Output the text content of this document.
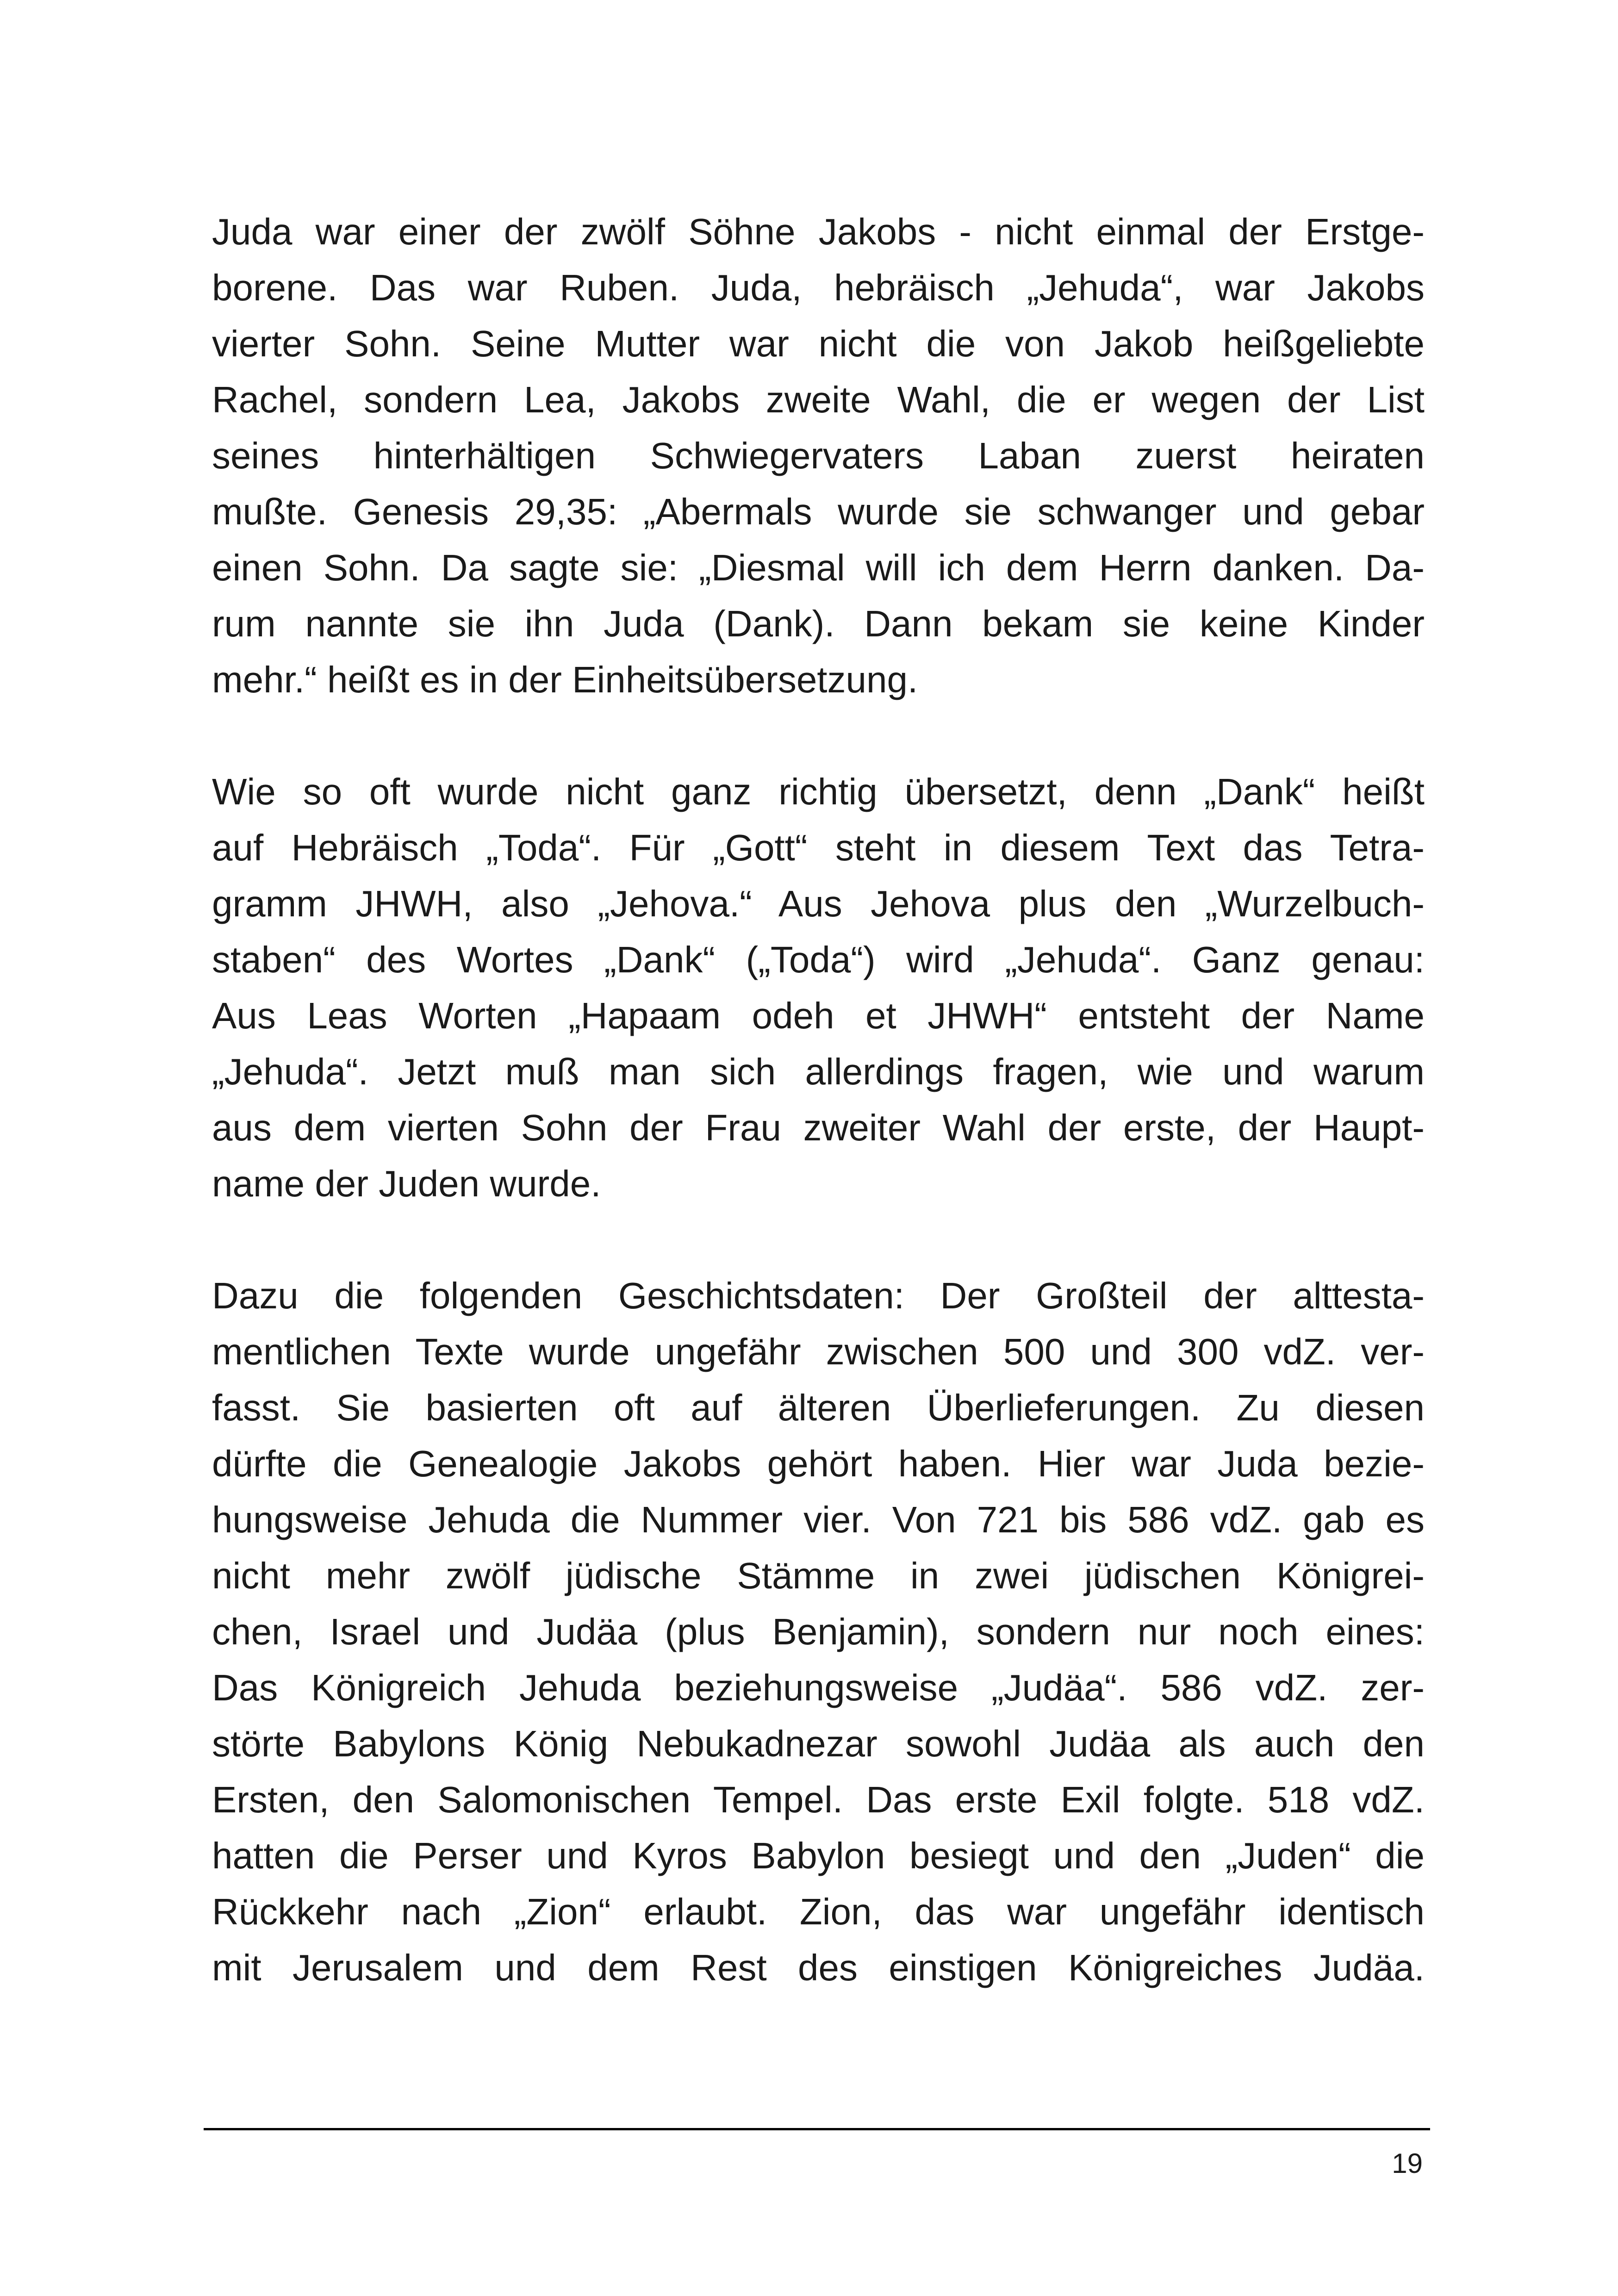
Juda war einer der zwölf Söhne Jakobs - nicht einmal der Erstge-
borene. Das war Ruben. Juda, hebräisch „Jehuda“, war Jakobs
vierter Sohn. Seine Mutter war nicht die von Jakob heißgeliebte
Rachel, sondern Lea, Jakobs zweite Wahl, die er wegen der List
seines hinterhältigen Schwiegervaters Laban zuerst heiraten
mußte. Genesis 29,35: „Abermals wurde sie schwanger und gebar
einen Sohn. Da sagte sie: „Diesmal will ich dem Herrn danken. Da-
rum nannte sie ihn Juda (Dank). Dann bekam sie keine Kinder
mehr.“ heißt es in der Einheitsübersetzung.

Wie so oft wurde nicht ganz richtig übersetzt, denn „Dank“ heißt
auf Hebräisch „Toda“. Für „Gott“ steht in diesem Text das Tetra-
gramm JHWH, also „Jehova.“ Aus Jehova plus den „Wurzelbuch-
staben“ des Wortes „Dank“ („Toda“) wird „Jehuda“. Ganz genau:
Aus Leas Worten „Hapaam odeh et JHWH“ entsteht der Name
„Jehuda“. Jetzt muß man sich allerdings fragen, wie und warum
aus dem vierten Sohn der Frau zweiter Wahl der erste, der Haupt-
name der Juden wurde.

Dazu die folgenden Geschichtsdaten: Der Großteil der alttesta-
mentlichen Texte wurde ungefähr zwischen 500 und 300 vdZ. ver-
fasst. Sie basierten oft auf älteren Überlieferungen. Zu diesen
dürfte die Genealogie Jakobs gehört haben. Hier war Juda bezie-
hungsweise Jehuda die Nummer vier. Von 721 bis 586 vdZ. gab es
nicht mehr zwölf jüdische Stämme in zwei jüdischen Königrei-
chen, Israel und Judäa (plus Benjamin), sondern nur noch eines:
Das Königreich Jehuda beziehungsweise „Judäa“. 586 vdZ. zer-
störte Babylons König Nebukadnezar sowohl Judäa als auch den
Ersten, den Salomonischen Tempel. Das erste Exil folgte. 518 vdZ.
hatten die Perser und Kyros Babylon besiegt und den „Juden“ die
Rückkehr nach „Zion“ erlaubt. Zion, das war ungefähr identisch
mit Jerusalem und dem Rest des einstigen Königreiches Judäa.

19
